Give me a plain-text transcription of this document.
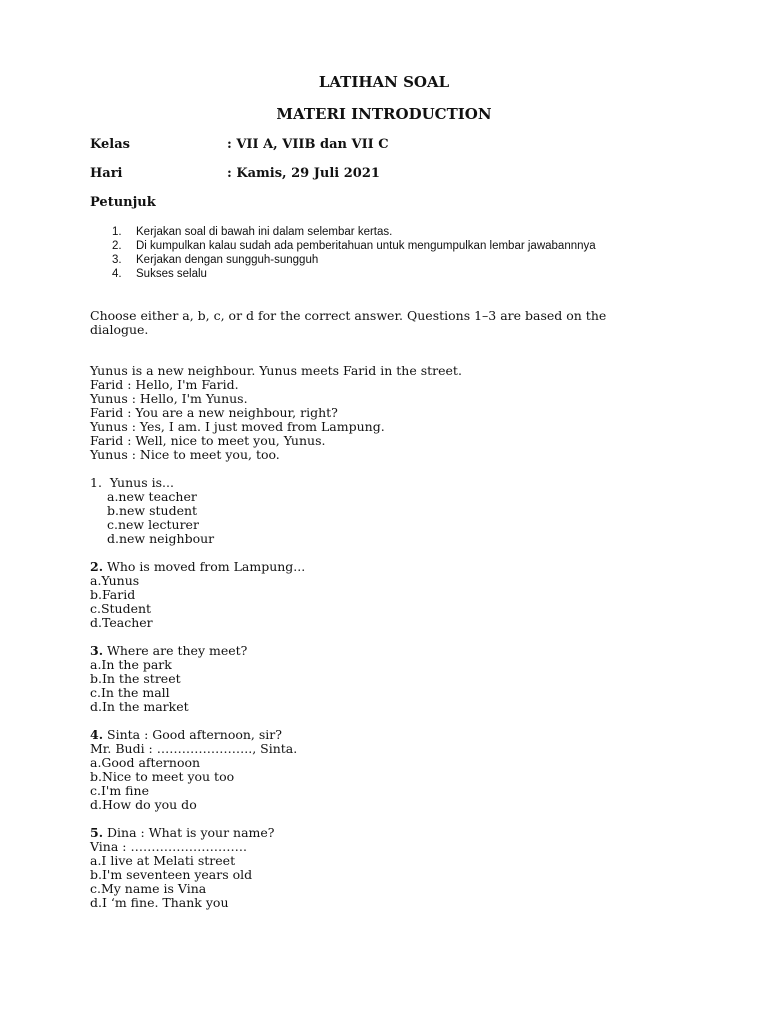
LATIHAN SOAL
MATERI INTRODUCTION
Kelas	: VII A, VIIB dan VII C
Hari	: Kamis, 29 Juli 2021
Petunjuk
1. Kerjakan soal di bawah ini dalam selembar kertas.
2. Di kumpulkan kalau sudah ada pemberitahuan untuk mengumpulkan lembar jawabannnya
3. Kerjakan dengan sungguh-sungguh
4. Sukses selalu
Choose either a, b, c, or d for the correct answer. Questions 1–3 are based on the dialogue.
Yunus is a new neighbour. Yunus meets Farid in the street.
Farid : Hello, I'm Farid.
Yunus : Hello, I'm Yunus.
Farid : You are a new neighbour, right?
Yunus : Yes, I am. I just moved from Lampung.
Farid : Well, nice to meet you, Yunus.
Yunus : Nice to meet you, too.
1.  Yunus is...
a.new teacher
b.new student
c.new lecturer
d.new neighbour
2. Who is moved from Lampung...
a.Yunus
b.Farid
c.Student
d.Teacher
3. Where are they meet?
a.In the park
b.In the street
c.In the mall
d.In the market
4. Sinta : Good afternoon, sir?
Mr. Budi : ………………….., Sinta.
a.Good afternoon
b.Nice to meet you too
c.I'm fine
d.How do you do
5. Dina : What is your name?
Vina : ……………………….
a.I live at Melati street
b.I'm seventeen years old
c.My name is Vina
d.I ‘m fine. Thank you
